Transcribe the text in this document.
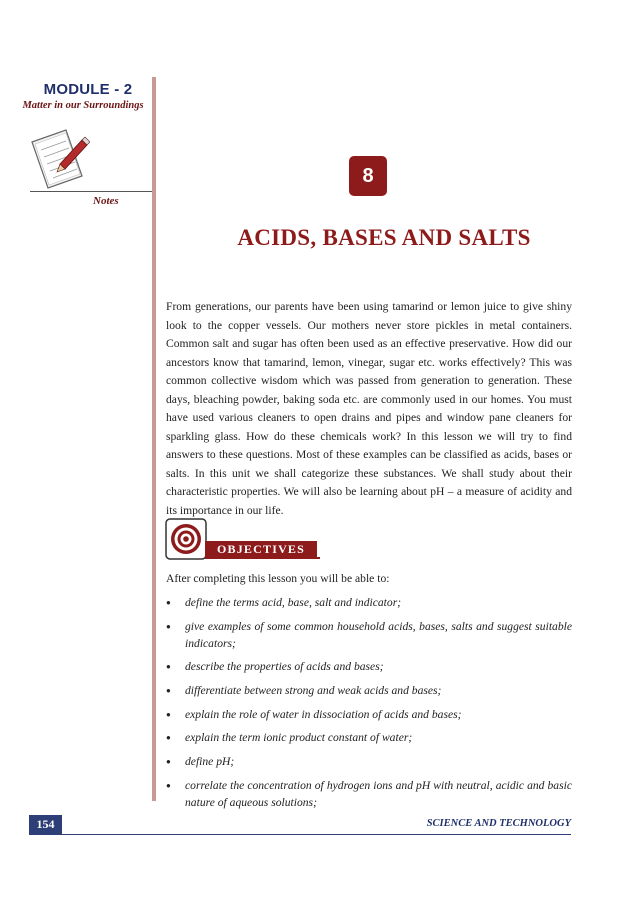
MODULE - 2
Matter in our Surroundings
Notes
8
ACIDS, BASES AND SALTS

From generations, our parents have been using tamarind or lemon juice to give shiny look to the copper vessels. Our mothers never store pickles in metal containers. Common salt and sugar has often been used as an effective preservative. How did our ancestors know that tamarind, lemon, vinegar, sugar etc. works effectively? This was common collective wisdom which was passed from generation to generation. These days, bleaching powder, baking soda etc. are commonly used in our homes. You must have used various cleaners to open drains and pipes and window pane cleaners for sparkling glass. How do these chemicals work? In this lesson we will try to find answers to these questions. Most of these examples can be classified as acids, bases or salts. In this unit we shall categorize these substances. We shall study about their characteristic properties. We will also be learning about pH – a measure of acidity and its importance in our life.

OBJECTIVES
After completing this lesson you will be able to:
● define the terms acid, base, salt and indicator;
● give examples of some common household acids, bases, salts and suggest suitable indicators;
● describe the properties of acids and bases;
● differentiate between strong and weak acids and bases;
● explain the role of water in dissociation of acids and bases;
● explain the term ionic product constant of water;
● define pH;
● correlate the concentration of hydrogen ions and pH with neutral, acidic and basic nature of aqueous solutions;
154	SCIENCE AND TECHNOLOGY
